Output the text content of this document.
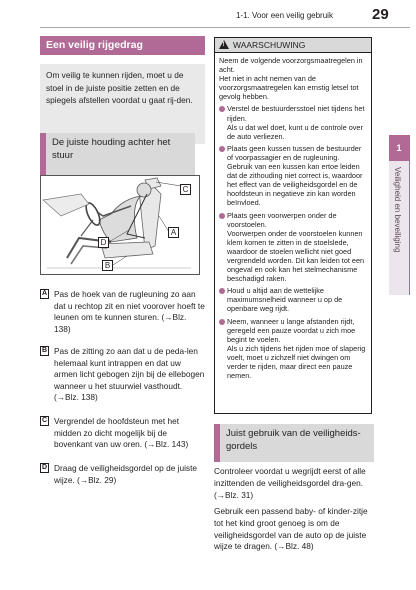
1-1. Voor een veilig gebruik	29
1
Veiligheid en beveiliging
Een veilig rijgedrag
Om veilig te kunnen rijden, moet u de stoel in de juiste positie zetten en de spiegels afstellen voordat u gaat rij-den.
De juiste houding achter het stuur
C
A
D
B
A Pas de hoek van de rugleuning zo aan dat u rechtop zit en niet voorover hoeft te leunen om te kunnen sturen. (→Blz. 138)
B Pas de zitting zo aan dat u de peda-len helemaal kunt intrappen en dat uw armen licht gebogen zijn bij de ellebogen wanneer u het stuurwiel vasthoudt. (→Blz. 138)
C Vergrendel de hoofdsteun met het midden zo dicht mogelijk bij de bovenkant van uw oren. (→Blz. 143)
D Draag de veiligheidsgordel op de juiste wijze. (→Blz. 29)
!WAARSCHUWING

Neem de volgende voorzorgsmaatregelen in acht.

Het niet in acht nemen van de voorzorgsmaatregelen kan ernstig letsel tot gevolg hebben.

Verstel de bestuurdersstoel niet tijdens het rijden.
Als u dat wel doet, kunt u de controle over de auto verliezen.
Plaats geen kussen tussen de bestuurder of voorpassagier en de rugleuning.
Gebruik van een kussen kan ertoe leiden dat de zithouding niet correct is, waardoor het effect van de veiligheidsgordel en de hoofdsteun in negatieve zin kan worden beïnvloed.
Plaats geen voorwerpen onder de voorstoelen.
Voorwerpen onder de voorstoelen kunnen klem komen te zitten in de stoelslede, waardoor de stoelen wellicht niet goed vergrendeld worden. Dit kan leiden tot een ongeval en ook kan het stelmechanisme beschadigd raken.
Houd u altijd aan de wettelijke maximumsnelheid wanneer u op de openbare weg rijdt.
Neem, wanneer u lange afstanden rijdt, geregeld een pauze voordat u zich moe begint te voelen.
Als u zich tijdens het rijden moe of slaperig voelt, moet u zichzelf niet dwingen om verder te rijden, maar direct een pauze nemen.
Juist gebruik van de veiligheids-gordels
Controleer voordat u wegrijdt eerst of alle inzittenden de veiligheidsgordel dra-gen. (→Blz. 31)
Gebruik een passend baby- of kinder-zitje tot het kind groot genoeg is om de veiligheidsgordel van de auto op de juiste wijze te dragen. (→Blz. 48)
